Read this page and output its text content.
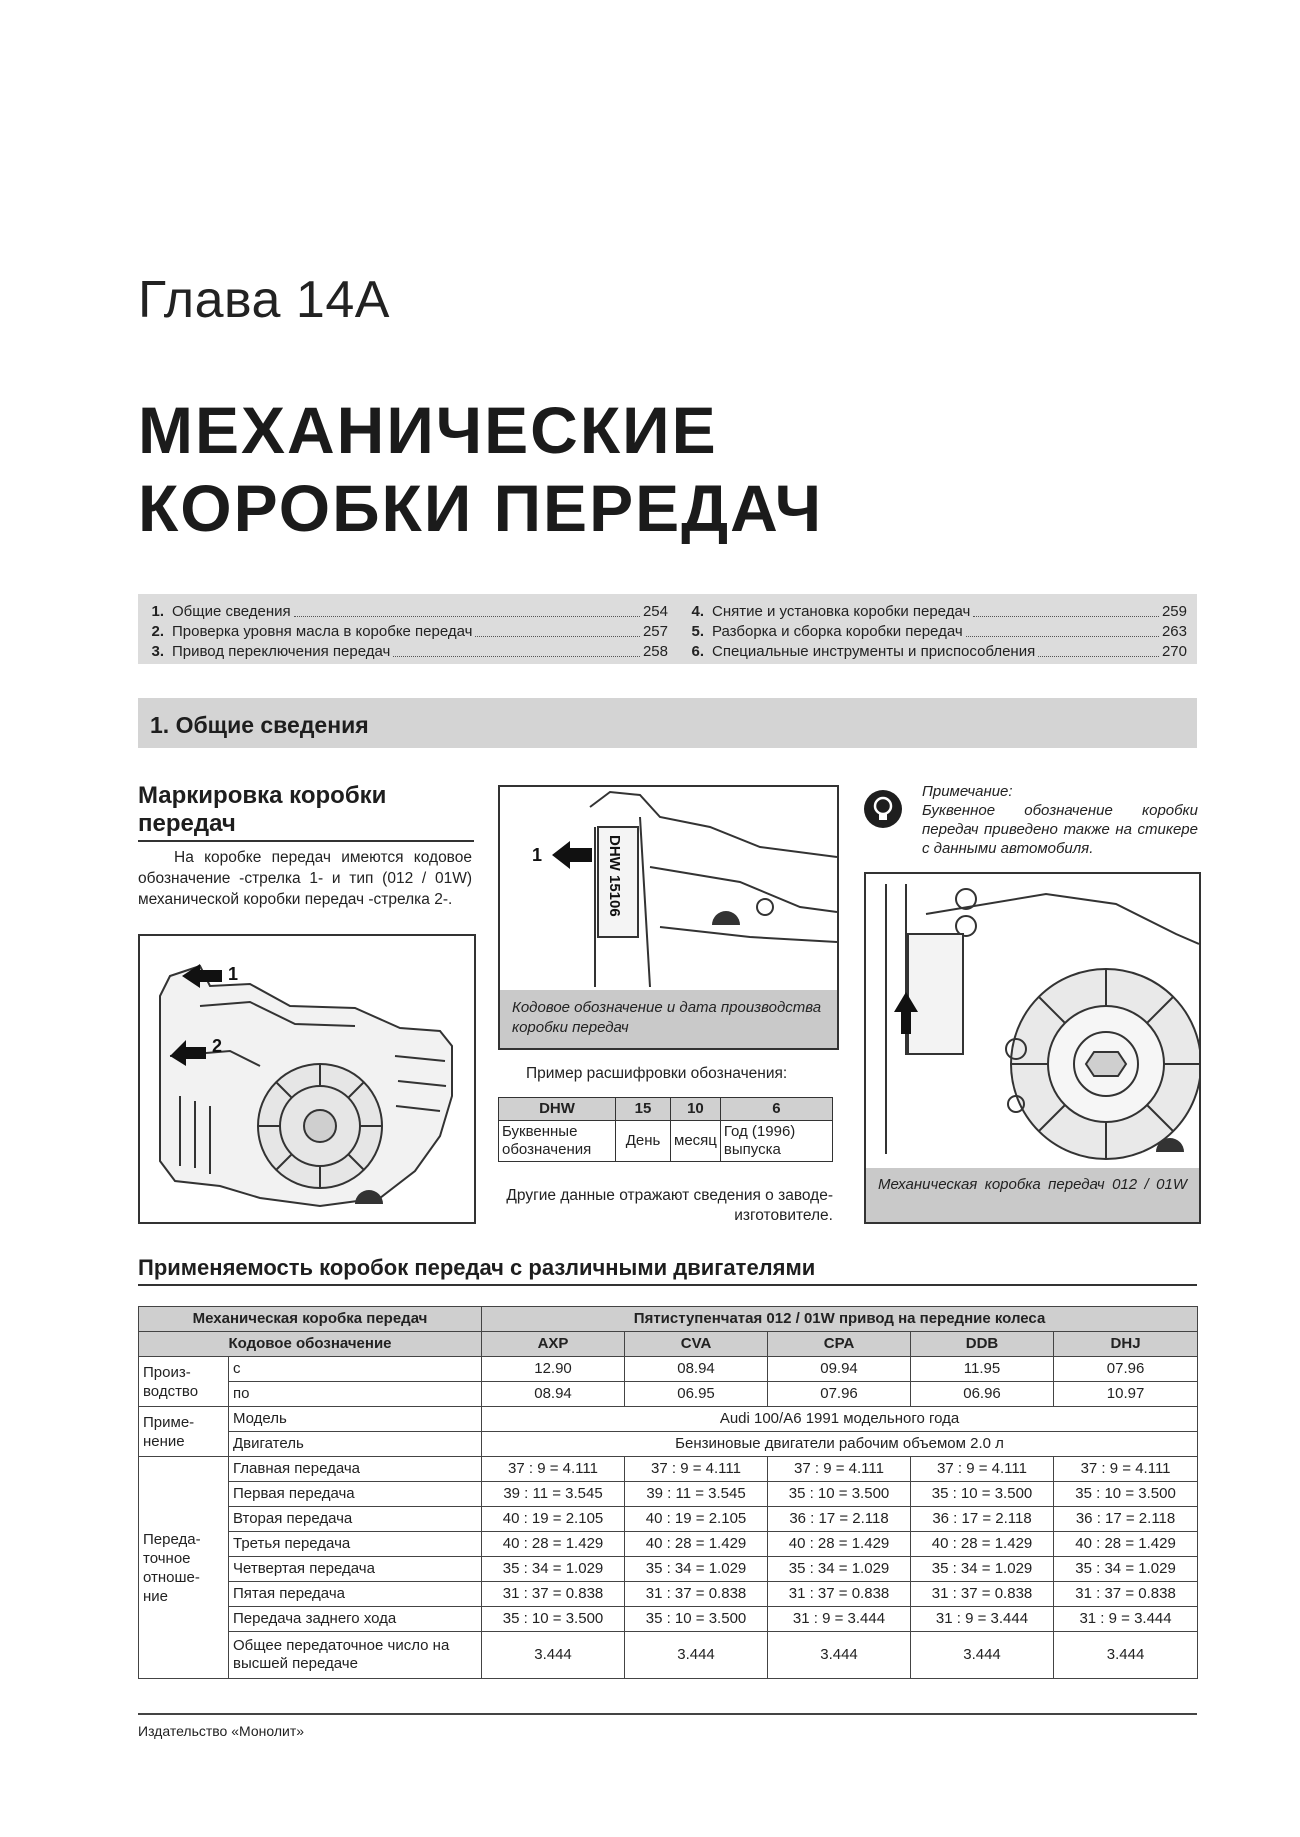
Глава 14А
МЕХАНИЧЕСКИЕ
КОРОБКИ ПЕРЕДАЧ
1. Общие сведения	254
2. Проверка уровня масла в коробке передач	257
3. Привод переключения передач	258
4. Снятие и установка коробки передач	259
5. Разборка и сборка коробки передач	263
6. Специальные инструменты и приспособления	270
1. Общие сведения
Маркировка коробки передач
На коробке передач имеются кодовое обозначение -стрелка 1- и тип (012 / 01W) механической коробки передач -стрелка 2-.
1
2
DHW 15106
1
Кодовое обозначение и дата производства коробки передач
Пример расшифровки обозначения:
DHW	15	10	6
Буквенные обозначения	День	месяц	Год (1996) выпуска
Другие данные отражают сведения о заводе-изготовителе.
Примечание:
Буквенное обозначение коробки передач приведено также на стикере с данными автомобиля.
Механическая коробка передач 012 / 01W
Применяемость коробок передач с различными двигателями
Механическая коробка передач		Пятиступенчатая 012 / 01W привод на передние колеса				
Кодовое обозначение		AXP	CVA	CPA	DDB	DHJ
Произ-водство	с	12.90	08.94	09.94	11.95	07.96
	по	08.94	06.95	07.96	06.96	10.97
Приме-нение	Модель	Audi 100/A6 1991 модельного года				
	Двигатель	Бензиновые двигатели рабочим объемом 2.0 л				
Переда-точное отноше-ние	Главная передача	37 : 9 = 4.111	37 : 9 = 4.111	37 : 9 = 4.111	37 : 9 = 4.111	37 : 9 = 4.111
	Первая передача	39 : 11 = 3.545	39 : 11 = 3.545	35 : 10 = 3.500	35 : 10 = 3.500	35 : 10 = 3.500
	Вторая передача	40 : 19 = 2.105	40 : 19 = 2.105	36 : 17 = 2.118	36 : 17 = 2.118	36 : 17 = 2.118
	Третья передача	40 : 28 = 1.429	40 : 28 = 1.429	40 : 28 = 1.429	40 : 28 = 1.429	40 : 28 = 1.429
	Четвертая передача	35 : 34 = 1.029	35 : 34 = 1.029	35 : 34 = 1.029	35 : 34 = 1.029	35 : 34 = 1.029
	Пятая передача	31 : 37 = 0.838	31 : 37 = 0.838	31 : 37 = 0.838	31 : 37 = 0.838	31 : 37 = 0.838
	Передача заднего хода	35 : 10 = 3.500	35 : 10 = 3.500	31 : 9 = 3.444	31 : 9 = 3.444	31 : 9 = 3.444
	Общее передаточное число на высшей передаче	3.444	3.444	3.444	3.444	3.444
Издательство «Монолит»
